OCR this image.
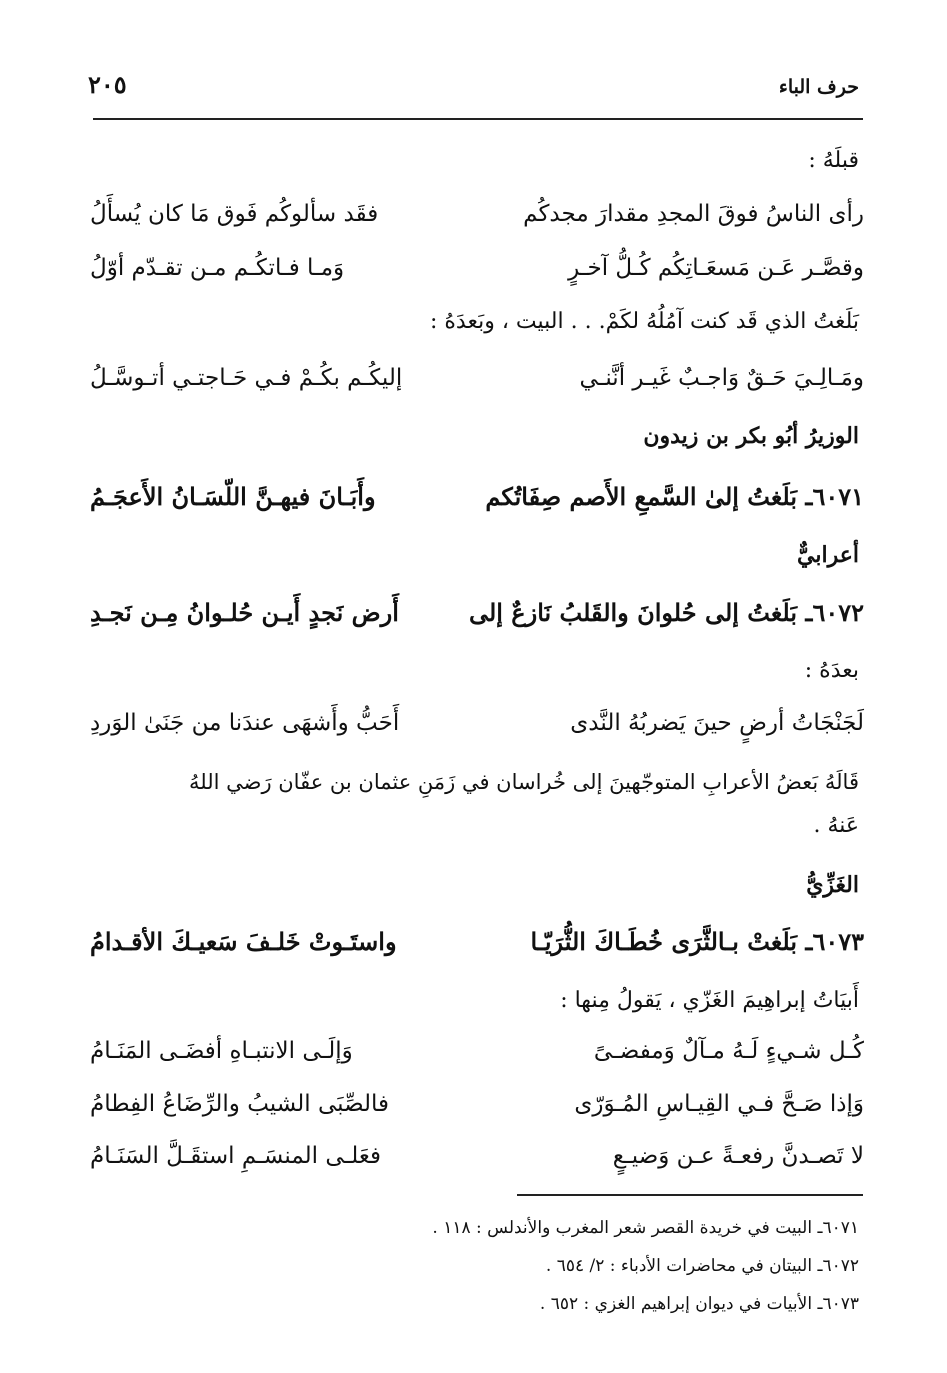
حرف الباء
٢٠٥
قبلَهُ :
رأى الناسُ فوقَ المجدِ مقدارَ مجدكُم
فقَد سألوكُم فَوق مَا كان يُسأَلُ
وقصَّـر عَـن مَسعَـاتِكُم كُـلُّ آخـرٍ
وَمـا فـاتكُـم مـن تقـدّم أوّلُ
بَلَغتُ الذي قَد كنت آمُلُهُ لكَمْ. . . البيت ، وبَعدَهُ :
ومَـالِـيَ حَـقٌ وَاجـبٌ غَيـر أنَّنـي
إليكُـم بكُـمْ فـي حَـاجتـي أتـوسَّـلُ
الوزيرُ أبُو بكر بن زيدون
٦٠٧١ـ بَلَغتُ إلىٰ السَّمعِ الأَصم صِفَاتُكم
وأَبَـانَ فيهـنَّ اللّسَـانُ الأَعجَـمُ
أعرابيٌّ
٦٠٧٢ـ بَلَغتُ إلى حُلوانَ والقَلبُ نَازعٌ إلى
أَرض نَجدٍ أَيـن حُلـوانُ مِـن نَجـدِ
بعدَهُ :
لَجَنْجَاتُ أرضٍ حينَ يَضربُهُ النَّدى
أَحَبُّ وأَشهَى عندَنا من جَنَىٰ الوَردِ
قَالَهُ بَعضُ الأعرابِ المتوجّهينَ إلى خُراسان في زَمَنِ عثمان بن عفّان رَضي اللهُ
عَنهُ .
الغَزِّيُّ
٦٠٧٣ـ بَلَغتْ بـالثَّرَى خُطَـاكَ الثُّرَيّـا
واستَـوتْ خَلـفَ سَعيـكَ الأقـدامُ
أَبيَاتُ إبراهِيمَ الغَزّي ، يَقولُ مِنها :
كُـل شـيءٍ لَـهُ مـآلٌ وَمفضـىً
وَإلَـى الانتبـاهِ أفضَـى المَنَـامُ
وَإذا صَـحَّ فـي القِيـاسِ المُـوَرّى
فالصِّبَى الشيبُ والرِّضَاعُ الفِطامُ
لا تَصـدنَّ رفعـةً عـن وَضيـعٍ
فعَلـى المنسَـمِ استقَـلَّ السَنَـامُ
٦٠٧١ـ البيت في خريدة القصر شعر المغرب والأندلس : ١١٨ .
٦٠٧٢ـ البيتان في محاضرات الأدباء : ٢/ ٦٥٤ .
٦٠٧٣ـ الأبيات في ديوان إبراهيم الغزي : ٦٥٢ .
